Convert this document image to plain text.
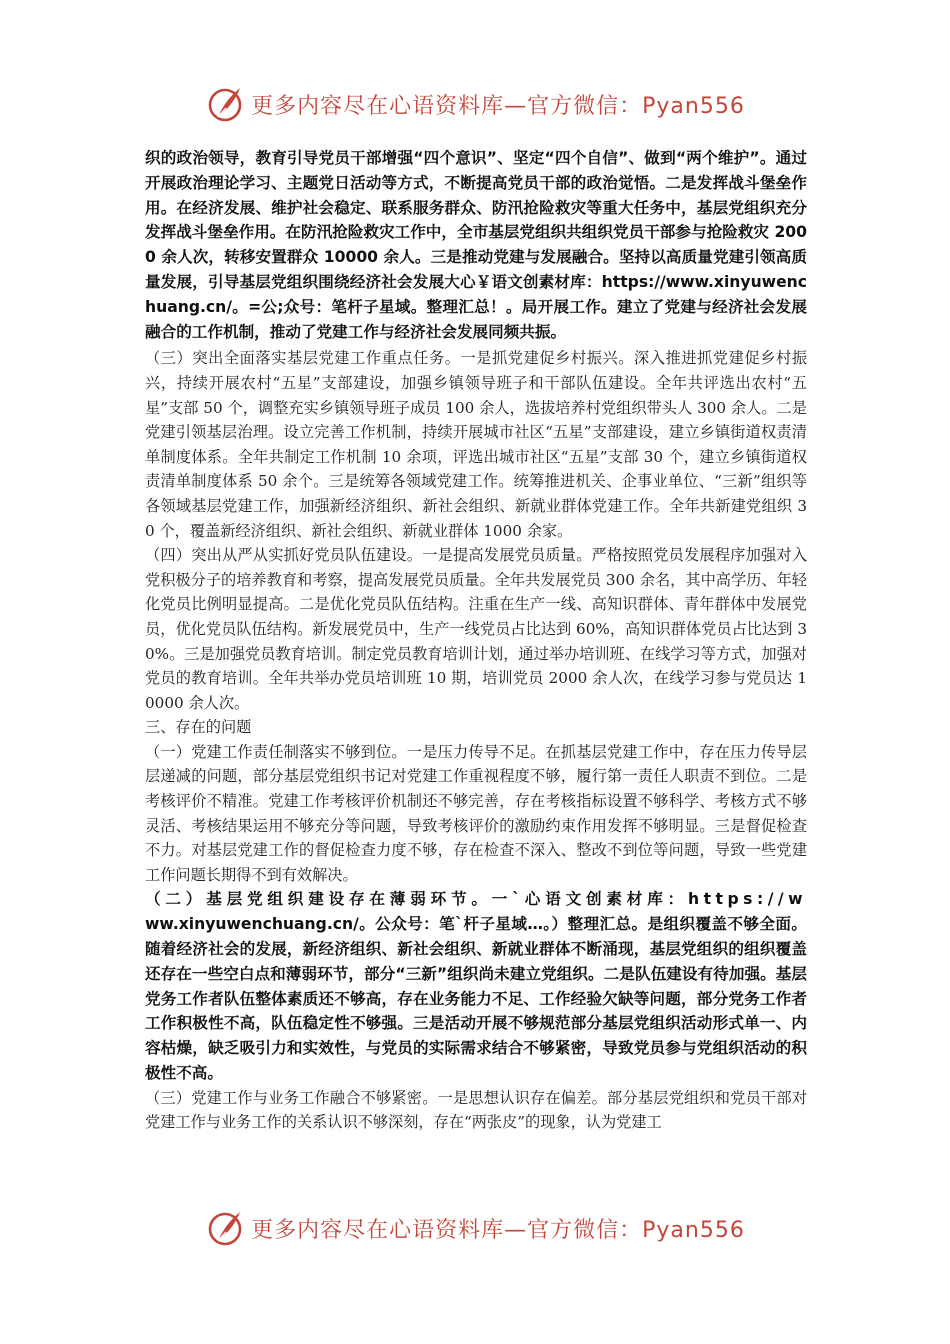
更多内容尽在心语资料库—官方微信：Pyan556

织的政治领导，教育引导党员干部增强“四个意识”、坚定“四个自信”、做到“两个维护”。通过开展政治理论学习、主题党日活动等方式，不断提高党员干部的政治觉悟。二是发挥战斗堡垒作用。在经济发展、维护社会稳定、联系服务群众、防汛抢险救灾等重大任务中，基层党组织充分发挥战斗堡垒作用。在防汛抢险救灾工作中，全市基层党组织共组织党员干部参与抢险救灾 2000 余人次，转移安置群众 10000 余人。三是推动党建与发展融合。坚持以高质量党建引领高质量发展，引导基层党组织围绕经济社会发展大心￥语文创素材库：https://www.xinyuwenchuang.cn/。=公;众号：笔杆子星域。整理汇总！。局开展工作。建立了党建与经济社会发展融合的工作机制，推动了党建工作与经济社会发展同频共振。

（三）突出全面落实基层党建工作重点任务。一是抓党建促乡村振兴。深入推进抓党建促乡村振兴，持续开展农村“五星”支部建设，加强乡镇领导班子和干部队伍建设。全年共评选出农村“五星”支部 50 个，调整充实乡镇领导班子成员 100 余人，选拔培养村党组织带头人 300 余人。二是党建引领基层治理。设立完善工作机制，持续开展城市社区“五星”支部建设，建立乡镇街道权责清单制度体系。全年共制定工作机制 10 余项，评选出城市社区“五星”支部 30 个，建立乡镇街道权责清单制度体系 50 余个。三是统筹各领域党建工作。统筹推进机关、企事业单位、“三新”组织等各领域基层党建工作，加强新经济组织、新社会组织、新就业群体党建工作。全年共新建党组织 30 个，覆盖新经济组织、新社会组织、新就业群体 1000 余家。

（四）突出从严从实抓好党员队伍建设。一是提高发展党员质量。严格按照党员发展程序加强对入党积极分子的培养教育和考察，提高发展党员质量。全年共发展党员 300 余名，其中高学历、年轻化党员比例明显提高。二是优化党员队伍结构。注重在生产一线、高知识群体、青年群体中发展党员，优化党员队伍结构。新发展党员中，生产一线党员占比达到 60%，高知识群体党员占比达到 30%。三是加强党员教育培训。制定党员教育培训计划，通过举办培训班、在线学习等方式，加强对党员的教育培训。全年共举办党员培训班 10 期，培训党员 2000 余人次，在线学习参与党员达 10000 余人次。

三、存在的问题

（一）党建工作责任制落实不够到位。一是压力传导不足。在抓基层党建工作中，存在压力传导层层递减的问题，部分基层党组织书记对党建工作重视程度不够，履行第一责任人职责不到位。二是考核评价不精准。党建工作考核评价机制还不够完善，存在考核指标设置不够科学、考核方式不够灵活、考核结果运用不够充分等问题，导致考核评价的激励约束作用发挥不够明显。三是督促检查不力。对基层党建工作的督促检查力度不够，存在检查不深入、整改不到位等问题，导致一些党建工作问题长期得不到有效解决。

（二）基层党组织建设存在薄弱环节。一`心语文创素材库：https://www.xinyuwenchuang.cn/。公众号：笔`杆子星域…。）整理汇总。是组织覆盖不够全面。随着经济社会的发展，新经济组织、新社会组织、新就业群体不断涌现，基层党组织的组织覆盖还存在一些空白点和薄弱环节，部分“三新”组织尚未建立党组织。二是队伍建设有待加强。基层党务工作者队伍整体素质还不够高，存在业务能力不足、工作经验欠缺等问题，部分党务工作者工作积极性不高，队伍稳定性不够强。三是活动开展不够规范部分基层党组织活动形式单一、内容枯燥，缺乏吸引力和实效性，与党员的实际需求结合不够紧密，导致党员参与党组织活动的积极性不高。

（三）党建工作与业务工作融合不够紧密。一是思想认识存在偏差。部分基层党组织和党员干部对党建工作与业务工作的关系认识不够深刻，存在“两张皮”的现象，认为党建工

更多内容尽在心语资料库—官方微信：Pyan556
